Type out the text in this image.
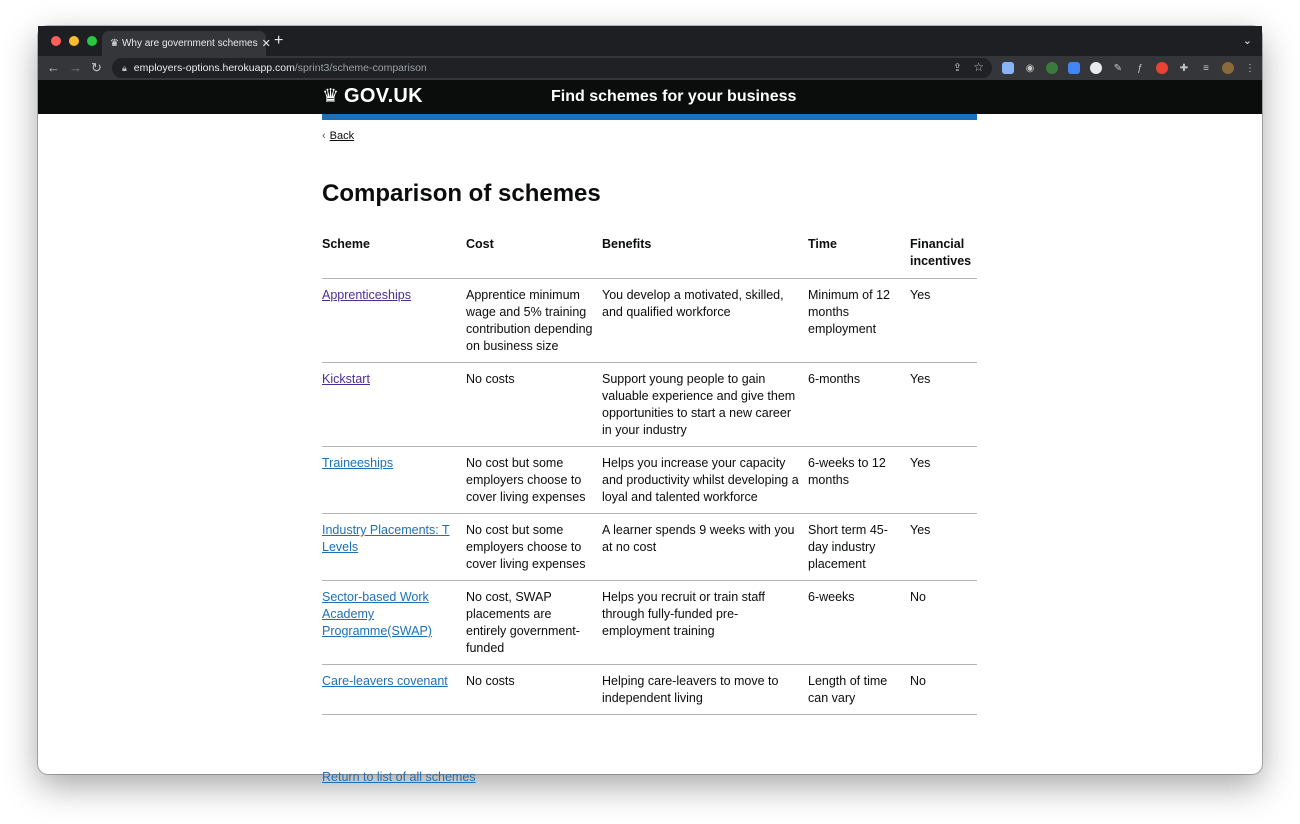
♛ Why are government schemes ✕ +	⌄
← → ↻ 🔒︎ employers-options.herokuapp.com /sprint3/scheme-comparison	⇪ ☆	◉	✎	ƒ	✚	≡	⋮
♛ GOV.UK	Find schemes for your business
‹ Back
Comparison of schemes
Scheme	Cost	Benefits	Time	Financial incentives
Apprenticeships	Apprentice minimum wage and 5% training contribution depending on business size	You develop a motivated, skilled, and qualified workforce	Minimum of 12 months employment	Yes
Kickstart	No costs	Support young people to gain valuable experience and give them opportunities to start a new career in your industry	6-months	Yes
Traineeships	No cost but some employers choose to cover living expenses	Helps you increase your capacity and productivity whilst developing a loyal and talented workforce	6-weeks to 12 months	Yes
Industry Placements: T Levels	No cost but some employers choose to cover living expenses	A learner spends 9 weeks with you at no cost	Short term 45-day industry placement	Yes
Sector-based Work Academy Programme(SWAP)	No cost, SWAP placements are entirely government-funded	Helps you recruit or train staff through fully-funded pre-employment training	6-weeks	No
Care-leavers covenant	No costs	Helping care-leavers to move to independent living	Length of time can vary	No
Return to list of all schemes
